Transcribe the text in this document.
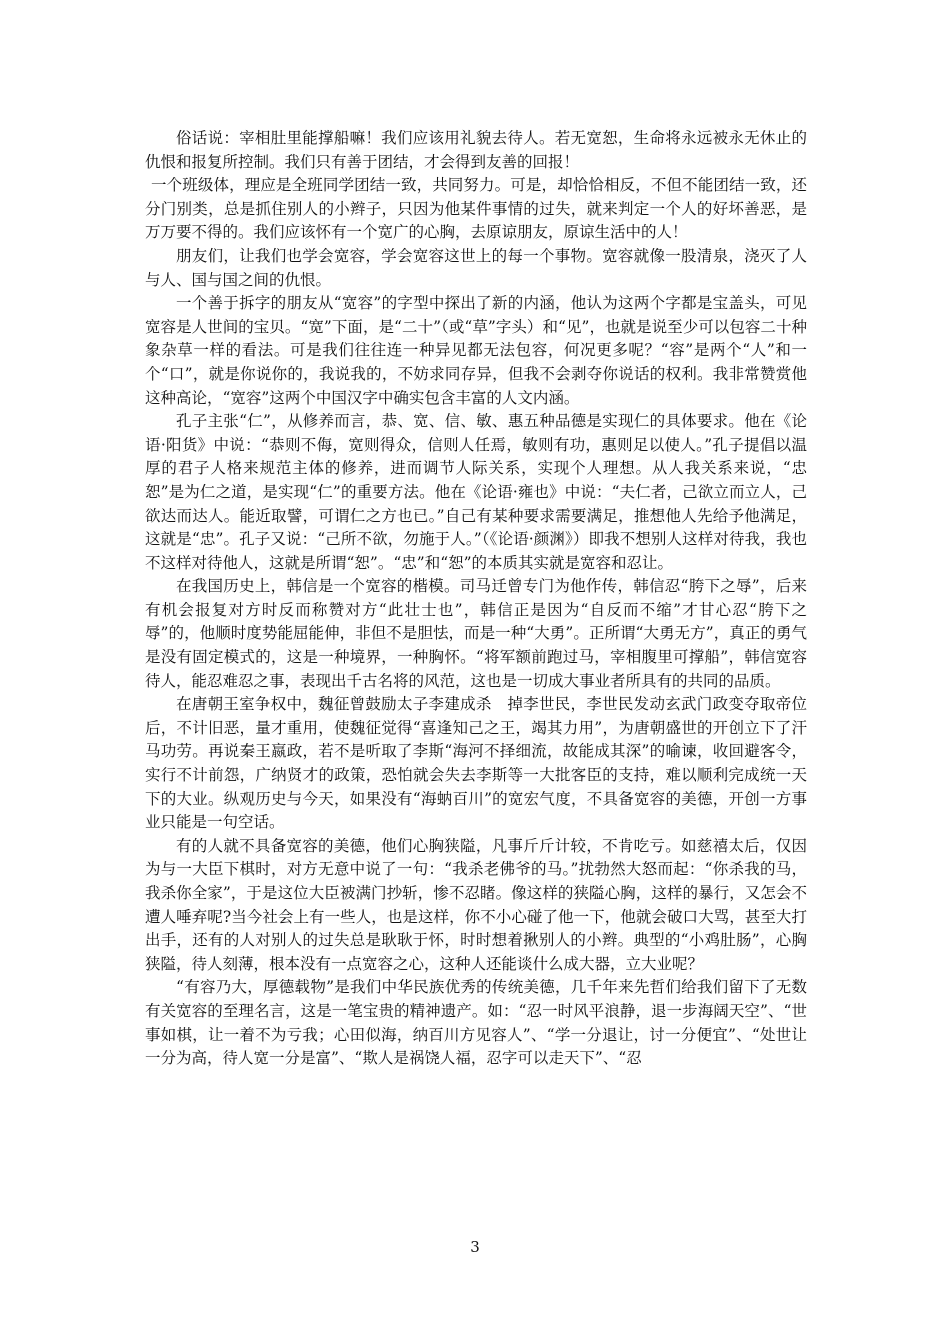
俗话说：宰相肚里能撑船嘛！我们应该用礼貌去待人。若无宽恕，生命将永远被永无休止的仇恨和报复所控制。我们只有善于团结，才会得到友善的回报！

一个班级体，理应是全班同学团结一致，共同努力。可是，却恰恰相反，不但不能团结一致，还分门别类，总是抓住别人的小辫子，只因为他某件事情的过失，就来判定一个人的好坏善恶，是万万要不得的。我们应该怀有一个宽广的心胸，去原谅朋友，原谅生活中的人！

朋友们，让我们也学会宽容，学会宽容这世上的每一个事物。宽容就像一股清泉，浇灭了人与人、国与国之间的仇恨。

一个善于拆字的朋友从“宽容”的字型中探出了新的内涵，他认为这两个字都是宝盖头，可见宽容是人世间的宝贝。“宽”下面，是“二十”（或“草”字头）和“见”，也就是说至少可以包容二十种象杂草一样的看法。可是我们往往连一种异见都无法包容，何况更多呢？“容”是两个“人”和一个“口”，就是你说你的，我说我的，不妨求同存异，但我不会剥夺你说话的权利。我非常赞赏他这种高论，“宽容”这两个中国汉字中确实包含丰富的人文内涵。

孔子主张“仁”，从修养而言，恭、宽、信、敏、惠五种品德是实现仁的具体要求。他在《论语·阳货》中说：“恭则不侮，宽则得众，信则人任焉，敏则有功，惠则足以使人。”孔子提倡以温厚的君子人格来规范主体的修养，进而调节人际关系，实现个人理想。从人我关系来说，“忠恕”是为仁之道，是实现“仁”的重要方法。他在《论语·雍也》中说：“夫仁者，己欲立而立人，己欲达而达人。能近取譬，可谓仁之方也已。”自己有某种要求需要满足，推想他人先给予他满足，这就是“忠”。孔子又说：“己所不欲，勿施于人。”（《论语·颜渊》）即我不想别人这样对待我，我也不这样对待他人，这就是所谓“恕”。“忠”和“恕”的本质其实就是宽容和忍让。

在我国历史上，韩信是一个宽容的楷模。司马迁曾专门为他作传，韩信忍“胯下之辱”，后来有机会报复对方时反而称赞对方“此壮士也”，韩信正是因为“自反而不缩”才甘心忍“胯下之辱”的，他顺时度势能屈能伸，非但不是胆怯，而是一种“大勇”。正所谓“大勇无方”，真正的勇气是没有固定模式的，这是一种境界，一种胸怀。“将军额前跑过马，宰相腹里可撑船”，韩信宽容待人，能忍难忍之事，表现出千古名将的风范，这也是一切成大事业者所具有的共同的品质。

在唐朝王室争权中，魏征曾鼓励太子李建成杀　掉李世民，李世民发动玄武门政变夺取帝位后，不计旧恶，量才重用，使魏征觉得“喜逢知己之王，竭其力用”，为唐朝盛世的开创立下了汗马功劳。再说秦王嬴政，若不是听取了李斯“海河不择细流，故能成其深”的喻谏，收回避客令，实行不计前怨，广纳贤才的政策，恐怕就会失去李斯等一大批客臣的支持，难以顺利完成统一天下的大业。纵观历史与今天，如果没有“海蚋百川”的宽宏气度，不具备宽容的美德，开创一方事业只能是一句空话。

有的人就不具备宽容的美德，他们心胸狭隘，凡事斤斤计较，不肯吃亏。如慈禧太后，仅因为与一大臣下棋时，对方无意中说了一句：“我杀老佛爷的马。”扰勃然大怒而起：“你杀我的马，我杀你全家”，于是这位大臣被满门抄斩，惨不忍睹。像这样的狭隘心胸，这样的暴行，又怎会不遭人唾弃呢?当今社会上有一些人，也是这样，你不小心碰了他一下，他就会破口大骂，甚至大打出手，还有的人对别人的过失总是耿耿于怀，时时想着揪别人的小辫。典型的“小鸡肚肠”，心胸狭隘，待人刻薄，根本没有一点宽容之心，这种人还能谈什么成大器，立大业呢？

“有容乃大，厚德载物”是我们中华民族优秀的传统美德，几千年来先哲们给我们留下了无数有关宽容的至理名言，这是一笔宝贵的精神遗产。如：“忍一时风平浪静，退一步海阔天空”、“世事如棋，让一着不为亏我；心田似海，纳百川方见容人”、“学一分退让，讨一分便宜”、“处世让一分为高，待人宽一分是富”、“欺人是祸饶人福，忍字可以走天下”、“忍

3
